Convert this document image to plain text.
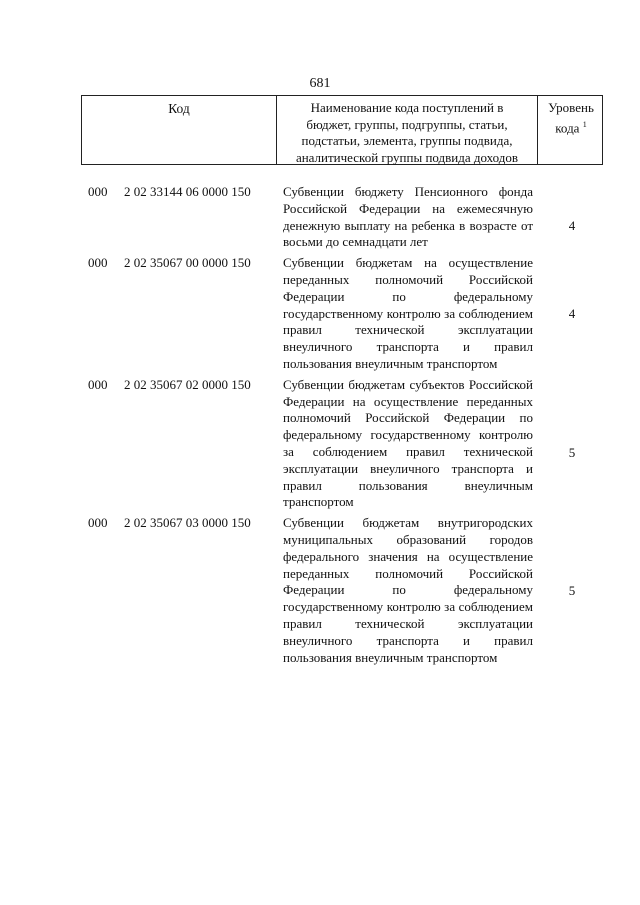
681
Код	Наименование кода поступлений в
бюджет, группы, подгруппы, статьи,
подстатьи, элемента, группы подвида,
аналитической группы подвида доходов
Уровень
кода $^1$
000 2 02 33144 06 0000 150 Субвенции бюджету Пенсионного фонда Российской Федерации на ежемесячную денежную выплату на ребенка в возрасте от восьми до семнадцати лет
4
000 2 02 35067 00 0000 150 Субвенции бюджетам на осуществление переданных полномочий Российской Федерации по федеральному государственному контролю за соблюдением правил технической эксплуатации внеуличного транспорта и правил пользования внеуличным транспортом
4
000 2 02 35067 02 0000 150 Субвенции бюджетам субъектов Российской Федерации на осуществление переданных полномочий Российской Федерации по федеральному государственному контролю за соблюдением правил технической эксплуатации внеуличного транспорта и правил пользования внеуличным транспортом
5
000 2 02 35067 03 0000 150 Субвенции бюджетам внутригородских муниципальных образований городов федерального значения на осуществление переданных полномочий Российской Федерации по федеральному государственному контролю за соблюдением правил технической эксплуатации внеуличного транспорта и правил пользования внеуличным транспортом
5
